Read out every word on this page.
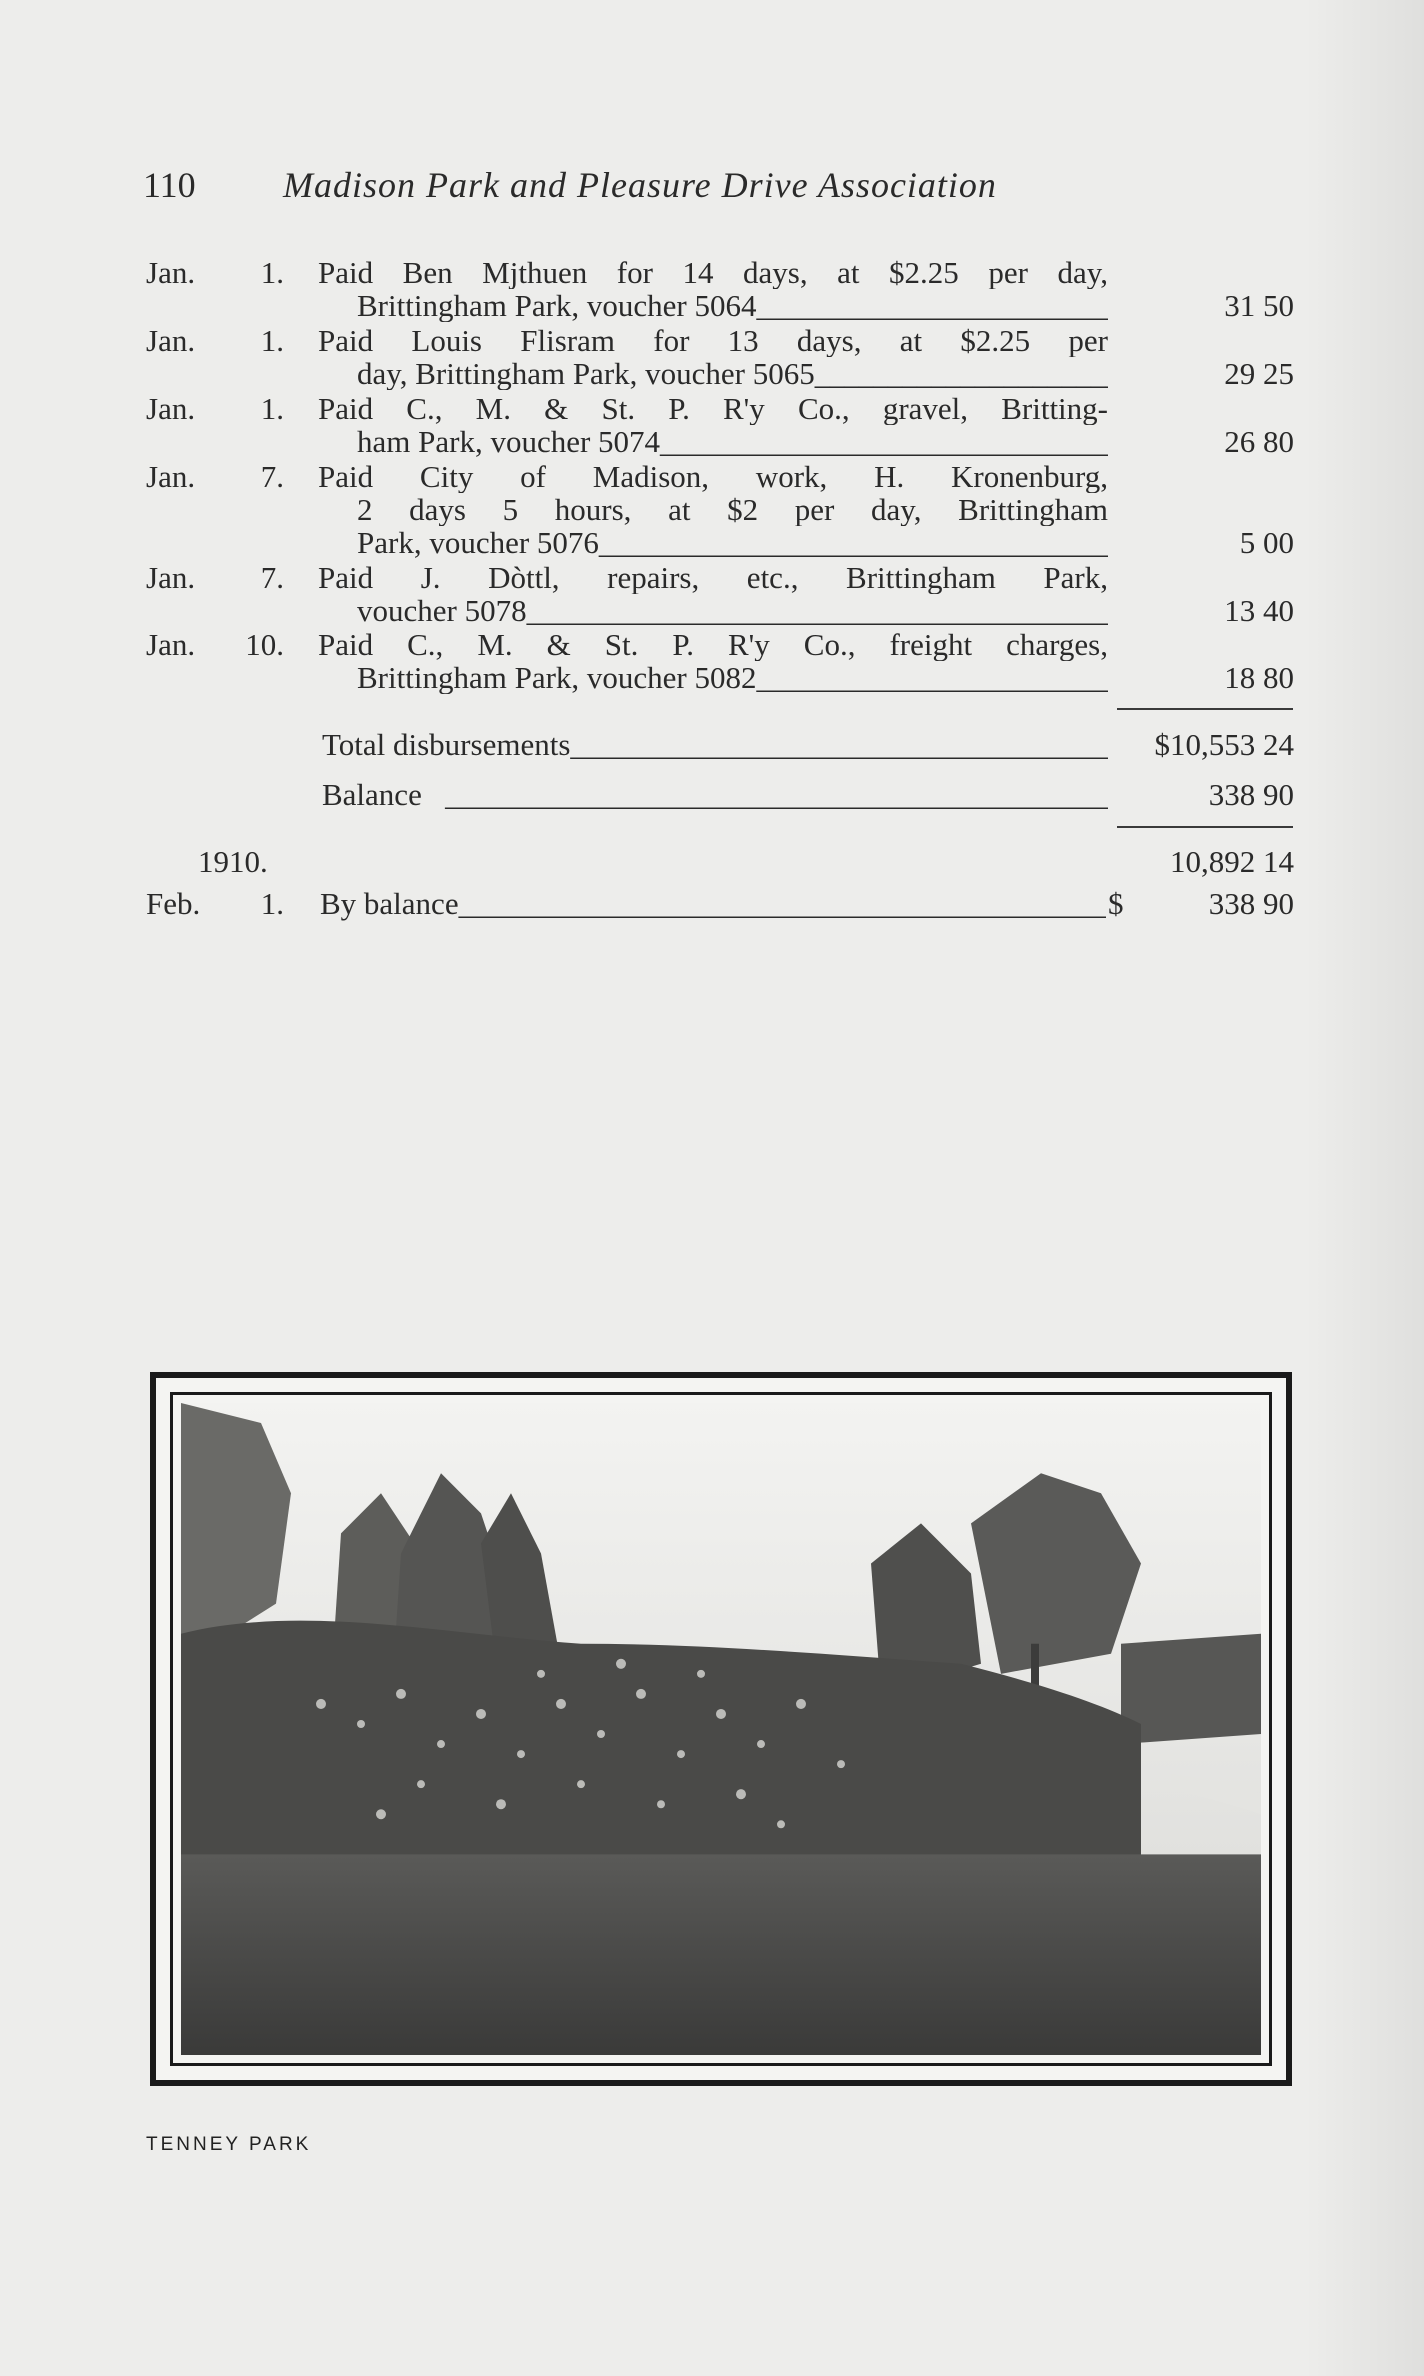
110 Madison Park and Pleasure Drive Association
Jan.	1. Paid Ben Mjthuen for 14 days, at $2.25 per day,
Brittingham Park, voucher 5064 _____	31 50
Jan.	1. Paid Louis Flisram for 13 days, at $2.25 per
day, Brittingham Park, voucher 5065 _____	29 25
Jan.	1. Paid C., M. & St. P. R'y Co., gravel, Britting-
ham Park, voucher 5074 _____	26 80
Jan.	7. Paid City of Madison, work, H. Kronenburg,
2 days 5 hours, at $2 per day, Brittingham
Park, voucher 5076 _____	5 00
Jan.	7. Paid J. Dòttl, repairs, etc., Brittingham Park,
voucher 5078 _____	13 40
Jan. 10. Paid C., M. & St. P. R'y Co., freight charges,
Brittingham Park, voucher 5082 _____	18 80
Total disbursements _____	$10,553 24
Balance _____	338 90
1910.	10,892 14
Feb.	1. By balance _____	$	338 90
TENNEY PARK
